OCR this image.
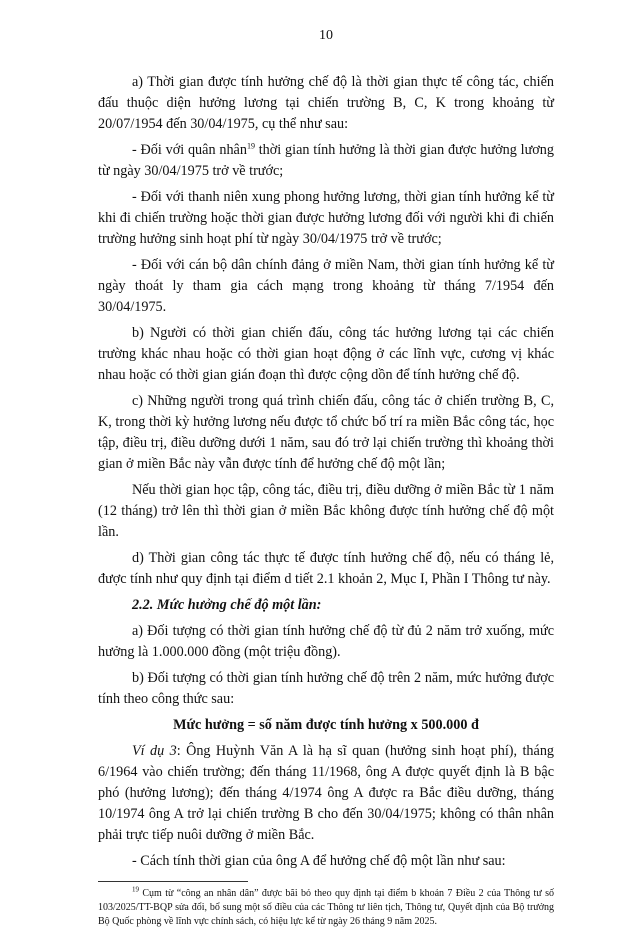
10

a) Thời gian được tính hưởng chế độ là thời gian thực tế công tác, chiến đấu thuộc diện hưởng lương tại chiến trường B, C, K trong khoảng từ 20/07/1954 đến 30/04/1975, cụ thể như sau:

- Đối với quân nhân$^{19}$ thời gian tính hưởng là thời gian được hưởng lương từ ngày 30/04/1975 trở về trước;

- Đối với thanh niên xung phong hưởng lương, thời gian tính hưởng kể từ khi đi chiến trường hoặc thời gian được hưởng lương đối với người khi đi chiến trường hưởng sinh hoạt phí từ ngày 30/04/1975 trở về trước;

- Đối với cán bộ dân chính đảng ở miền Nam, thời gian tính hưởng kể từ ngày thoát ly tham gia cách mạng trong khoảng từ tháng 7/1954 đến 30/04/1975.

b) Người có thời gian chiến đấu, công tác hưởng lương tại các chiến trường khác nhau hoặc có thời gian hoạt động ở các lĩnh vực, cương vị khác nhau hoặc có thời gian gián đoạn thì được cộng dồn để tính hưởng chế độ.

c) Những người trong quá trình chiến đấu, công tác ở chiến trường B, C, K, trong thời kỳ hưởng lương nếu được tổ chức bố trí ra miền Bắc công tác, học tập, điều trị, điều dưỡng dưới 1 năm, sau đó trở lại chiến trường thì khoảng thời gian ở miền Bắc này vẫn được tính để hưởng chế độ một lần;

Nếu thời gian học tập, công tác, điều trị, điều dưỡng ở miền Bắc từ 1 năm (12 tháng) trở lên thì thời gian ở miền Bắc không được tính hưởng chế độ một lần.

d) Thời gian công tác thực tế được tính hưởng chế độ, nếu có tháng lẻ, được tính như quy định tại điểm d tiết 2.1 khoản 2, Mục I, Phần I Thông tư này.

2.2. Mức hưởng chế độ một lần:

a) Đối tượng có thời gian tính hưởng chế độ từ đủ 2 năm trở xuống, mức hưởng là 1.000.000 đồng (một triệu đồng).

b) Đối tượng có thời gian tính hưởng chế độ trên 2 năm, mức hưởng được tính theo công thức sau:

Mức hưởng = số năm được tính hưởng x 500.000 đ

Ví dụ 3: Ông Huỳnh Văn A là hạ sĩ quan (hưởng sinh hoạt phí), tháng 6/1964 vào chiến trường; đến tháng 11/1968, ông A được quyết định là B bậc phó (hưởng lương); đến tháng 4/1974 ông A được ra Bắc điều dưỡng, tháng 10/1974 ông A trở lại chiến trường B cho đến 30/04/1975; không có thân nhân phải trực tiếp nuôi dưỡng ở miền Bắc.

- Cách tính thời gian của ông A để hưởng chế độ một lần như sau:

$^{19}$ Cụm từ “công an nhân dân” được bãi bỏ theo quy định tại điểm b khoản 7 Điều 2 của Thông tư số 103/2025/TT-BQP sửa đổi, bổ sung một số điều của các Thông tư liên tịch, Thông tư, Quyết định của Bộ trưởng Bộ Quốc phòng về lĩnh vực chính sách, có hiệu lực kể từ ngày 26 tháng 9 năm 2025.
